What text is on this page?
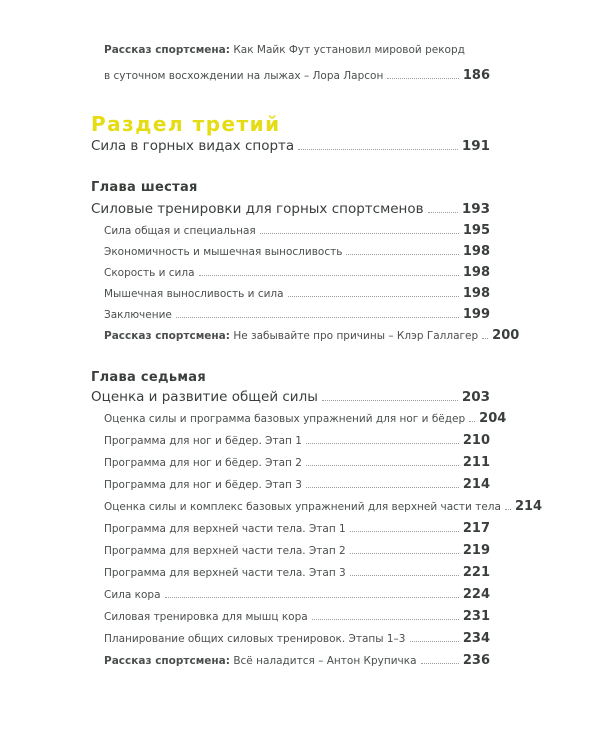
Рассказ спортсмена: Как Майк Фут установил мировой рекорд
в суточном восхождении на лыжах – Лора Ларсон	186
Раздел третий
Сила в горных видах спорта	191
Глава шестая
Силовые тренировки для горных спортсменов	193
Сила общая и специальная	195
Экономичность и мышечная выносливость	198
Скорость и сила	198
Мышечная выносливость и сила	198
Заключение	199
Рассказ спортсмена: Не забывайте про причины – Клэр Галлагер 200
Глава седьмая
Оценка и развитие общей силы	203
Оценка силы и программа базовых упражнений для ног и бёдер 204
Программа для ног и бёдер. Этап 1	210
Программа для ног и бёдер. Этап 2	211
Программа для ног и бёдер. Этап 3	214
Оценка силы и комплекс базовых упражнений для верхней части тела 214
Программа для верхней части тела. Этап 1	217
Программа для верхней части тела. Этап 2	219
Программа для верхней части тела. Этап 3	221
Сила кора	224
Силовая тренировка для мышц кора	231
Планирование общих силовых тренировок. Этапы 1–3	234
Рассказ спортсмена: Всё наладится – Антон Крупичка	236
